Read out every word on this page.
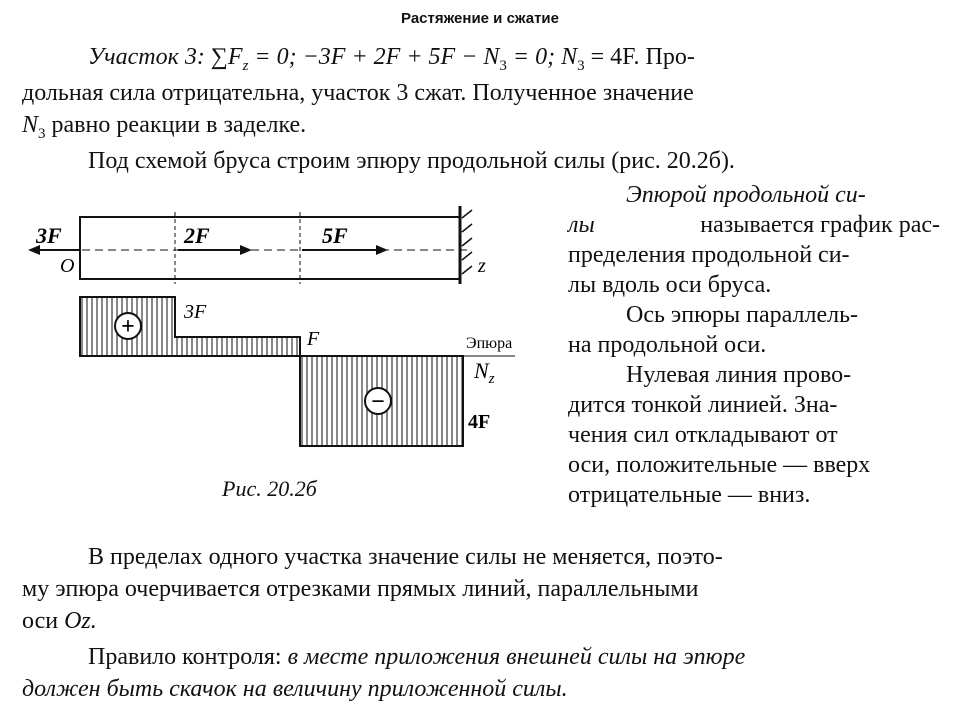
Растяжение и сжатие
Участок 3: $\sum F_z = 0$; $-3F + 2F + 5F - N_3 = 0$; $N_3 = 4F$. Про-
дольная сила отрицательна, участок 3 сжат. Полученное значение
$N_3$ равно реакции в заделке.
Под схемой бруса строим эпюру продольной силы (рис. 20.2б).
Эпюрой продольной си-
лы	называется график рас-
пределения продольной си-
лы вдоль оси бруса.
Ось эпюры параллель-
на продольной оси.
Нулевая линия прово-
дится тонкой линией. Зна-
чения сил откладывают от
оси, положительные — вверх
отрицательные — вниз.
3F	2F	5F
O	z
+
−
3F
F
4F
Эпюра
$N_z$
Рис. 20.2б
В пределах одного участка значение силы не меняется, поэто-
му эпюра очерчивается отрезками прямых линий, параллельными
оси Oz.
Правило контроля: в месте приложения внешней силы на эпюре
должен быть скачок на величину приложенной силы.
